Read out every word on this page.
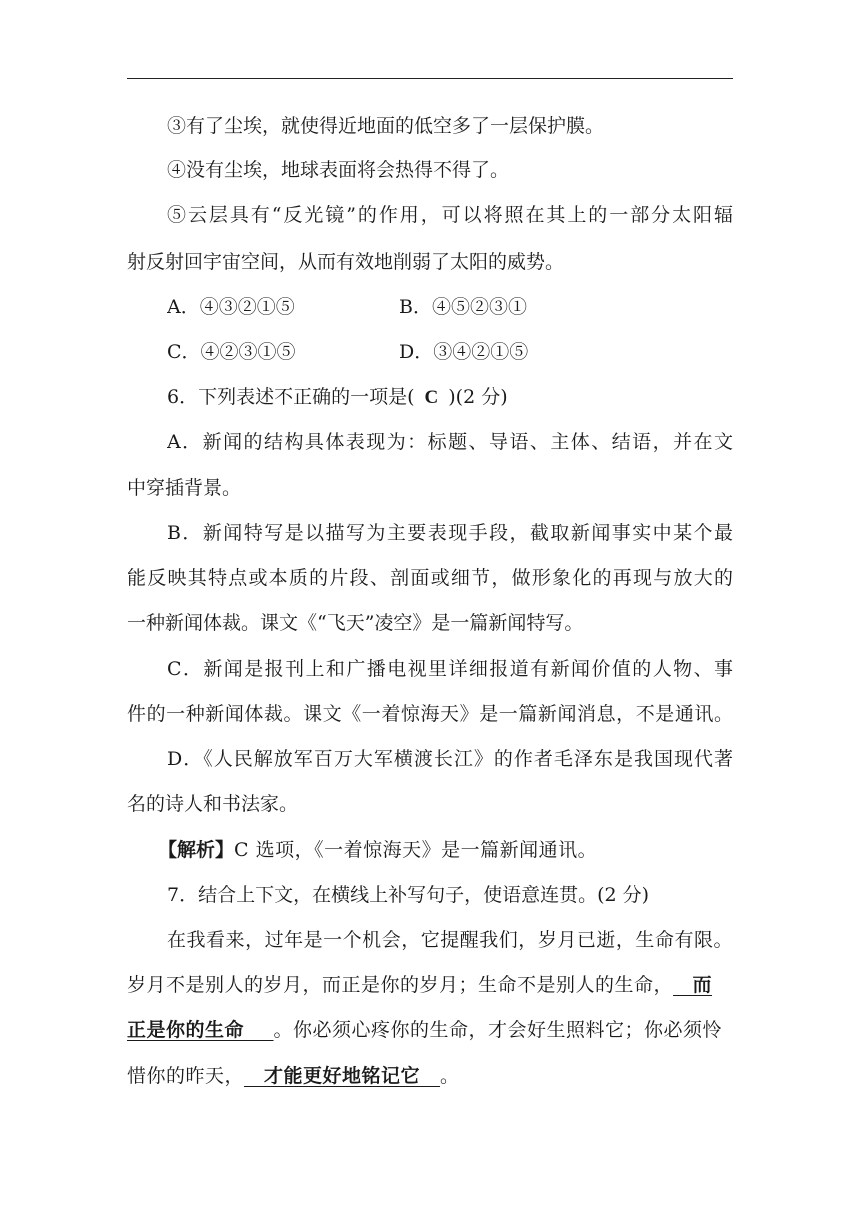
③有了尘埃，就使得近地面的低空多了一层保护膜。
④没有尘埃，地球表面将会热得不得了。
⑤云层具有“反光镜”的作用，可以将照在其上的一部分太阳辐
射反射回宇宙空间，从而有效地削弱了太阳的威势。
A．④③②①⑤	B．④⑤②③①
C．④②③①⑤	D．③④②①⑤
6．下列表述不正确的一项是( C )(2 分)
A．新闻的结构具体表现为：标题、导语、主体、结语，并在文
中穿插背景。
B．新闻特写是以描写为主要表现手段，截取新闻事实中某个最
能反映其特点或本质的片段、剖面或细节，做形象化的再现与放大的
一种新闻体裁。课文《“飞天”凌空》是一篇新闻特写。
C．新闻是报刊上和广播电视里详细报道有新闻价值的人物、事
件的一种新闻体裁。课文《一着惊海天》是一篇新闻消息，不是通讯。
D．《人民解放军百万大军横渡长江》的作者毛泽东是我国现代著
名的诗人和书法家。
【解析】C 选项，《一着惊海天》是一篇新闻通讯。
7．结合上下文，在横线上补写句子，使语意连贯。(2 分)
在我看来，过年是一个机会，它提醒我们，岁月已逝，生命有限。
岁月不是别人的岁月，而正是你的岁月；生命不是别人的生命，  而
正是你的生命   。你必须心疼你的生命，才会好生照料它；你必须怜
惜你的昨天，   才能更好地铭记它   。
